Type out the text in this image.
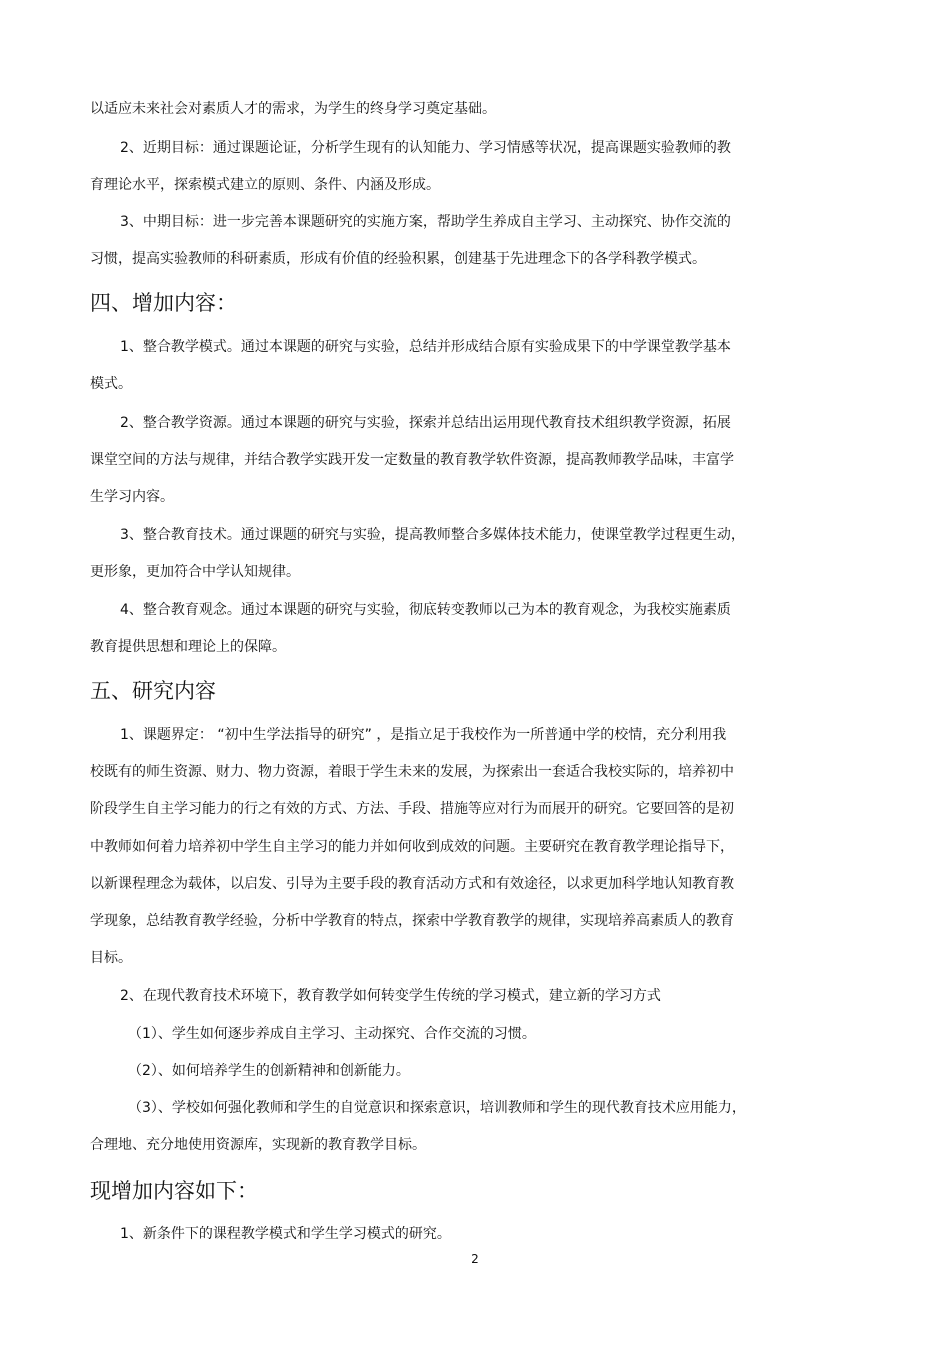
以适应未来社会对素质人才的需求，为学生的终身学习奠定基础。
2、近期目标：通过课题论证，分析学生现有的认知能力、学习情感等状况，提高课题实验教师的教
育理论水平，探索模式建立的原则、条件、内涵及形成。
3、中期目标：进一步完善本课题研究的实施方案，帮助学生养成自主学习、主动探究、协作交流的
习惯，提高实验教师的科研素质，形成有价值的经验积累，创建基于先进理念下的各学科教学模式。
四、增加内容：
1、整合教学模式。通过本课题的研究与实验，总结并形成结合原有实验成果下的中学课堂教学基本
模式。
2、整合教学资源。通过本课题的研究与实验，探索并总结出运用现代教育技术组织教学资源，拓展
课堂空间的方法与规律，并结合教学实践开发一定数量的教育教学软件资源，提高教师教学品味，丰富学
生学习内容。
3、整合教育技术。通过课题的研究与实验，提高教师整合多媒体技术能力，使课堂教学过程更生动，
更形象，更加符合中学认知规律。
4、整合教育观念。通过本课题的研究与实验，彻底转变教师以己为本的教育观念，为我校实施素质
教育提供思想和理论上的保障。
五、研究内容
1、课题界定： “初中生学法指导的研究” ，是指立足于我校作为一所普通中学的校情，充分利用我
校既有的师生资源、财力、物力资源，着眼于学生未来的发展，为探索出一套适合我校实际的，培养初中
阶段学生自主学习能力的行之有效的方式、方法、手段、措施等应对行为而展开的研究。它要回答的是初
中教师如何着力培养初中学生自主学习的能力并如何收到成效的问题。主要研究在教育教学理论指导下，
以新课程理念为载体，以启发、引导为主要手段的教育活动方式和有效途径，以求更加科学地认知教育教
学现象，总结教育教学经验，分析中学教育的特点，探索中学教育教学的规律，实现培养高素质人的教育
目标。
2、在现代教育技术环境下，教育教学如何转变学生传统的学习模式，建立新的学习方式
（1）、学生如何逐步养成自主学习、主动探究、合作交流的习惯。
（2）、如何培养学生的创新精神和创新能力。
（3）、学校如何强化教师和学生的自觉意识和探索意识，培训教师和学生的现代教育技术应用能力，
合理地、充分地使用资源库，实现新的教育教学目标。
现增加内容如下：
1、新条件下的课程教学模式和学生学习模式的研究。
2
